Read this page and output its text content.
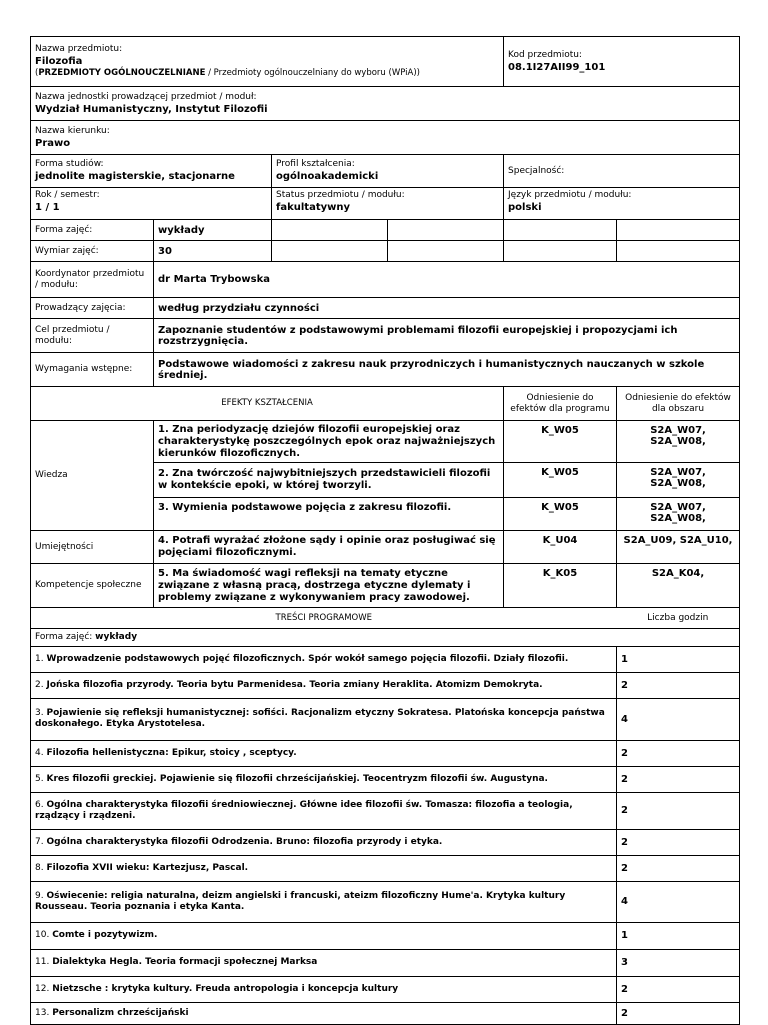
Nazwa przedmiotu:
Filozofia
(PRZEDMIOTY OGÓLNOUCZELNIANE / Przedmioty ogólnouczelniany do wyboru (WPiA))	
Kod przedmiotu:
08.1I27AII99_101

Nazwa jednostki prowadzącej przedmiot / moduł:
Wydział Humanistyczny, Instytut Filozofii

Nazwa kierunku:
Prawo
Forma studiów:
jednolite magisterskie, stacjonarne		Profil kształcenia:
ogólnoakademicki		Specjalność:	

Rok / semestr:
1 / 1		Status przedmiotu / modułu:
fakultatywny		Język przedmiotu / modułu:
polski	

Forma zajęć:	wykłady				
Wymiar zajęć:	30				
Koordynator przedmiotu / modułu:	dr Marta Trybowska				
Prowadzący zajęcia:	według przydziału czynności				
Cel przedmiotu / modułu:	Zapoznanie studentów z podstawowymi problemami filozofii europejskiej i propozycjami ich rozstrzygnięcia.				
Wymagania wstępne:	Podstawowe wiadomości z zakresu nauk przyrodniczych i humanistycznych nauczanych w szkole średniej.				
EFEKTY KSZTAŁCENIA		Odniesienie do efektów dla programu	Odniesienie do efektów dla obszaru
Wiedza	1. Zna periodyzację dziejów filozofii europejskiej oraz charakterystykę poszczególnych epok oraz najważniejszych kierunków filozoficznych.	K_W05	S2A_W07, S2A_W08,
	2. Zna twórczość najwybitniejszych przedstawicieli filozofii w kontekście epoki, w której tworzyli.	K_W05	S2A_W07, S2A_W08,
	3. Wymienia podstawowe pojęcia z zakresu filozofii.	K_W05	S2A_W07, S2A_W08,
Umiejętności	4. Potrafi wyrażać złożone sądy i opinie oraz posługiwać się pojęciami filozoficznymi.	K_U04	S2A_U09, S2A_U10,
Kompetencje społeczne	5. Ma świadomość wagi refleksji na tematy etyczne związane z własną pracą, dostrzega etyczne dylematy i problemy związane z wykonywaniem pracy zawodowej.	K_K05	S2A_K04,
TREŚCI PROGRAMOWE	Liczba godzin
Forma zajęć: wykłady
1. Wprowadzenie podstawowych pojęć filozoficznych. Spór wokół samego pojęcia filozofii. Działy filozofii.	1
2. Jońska filozofia przyrody. Teoria bytu Parmenidesa. Teoria zmiany Heraklita. Atomizm Demokryta.	2
3. Pojawienie się refleksji humanistycznej: sofiści. Racjonalizm etyczny Sokratesa. Platońska koncepcja państwa doskonałego. Etyka Arystotelesa.	4
4. Filozofia hellenistyczna: Epikur, stoicy , sceptycy.	2
5. Kres filozofii greckiej. Pojawienie się filozofii chrześcijańskiej. Teocentryzm filozofii św. Augustyna.	2
6. Ogólna charakterystyka filozofii średniowiecznej. Główne idee filozofii św. Tomasza: filozofia a teologia, rządzący i rządzeni.	2
7. Ogólna charakterystyka filozofii Odrodzenia. Bruno: filozofia przyrody i etyka.	2
8. Filozofia XVII wieku: Kartezjusz, Pascal.	2
9. Oświecenie: religia naturalna, deizm angielski i francuski, ateizm filozoficzny Hume'a. Krytyka kultury Rousseau. Teoria poznania i etyka Kanta.	4
10. Comte i pozytywizm.	1
11. Dialektyka Hegla. Teoria formacji społecznej Marksa	3
12. Nietzsche : krytyka kultury. Freuda antropologia i koncepcja kultury	2
13. Personalizm chrześcijański	2
